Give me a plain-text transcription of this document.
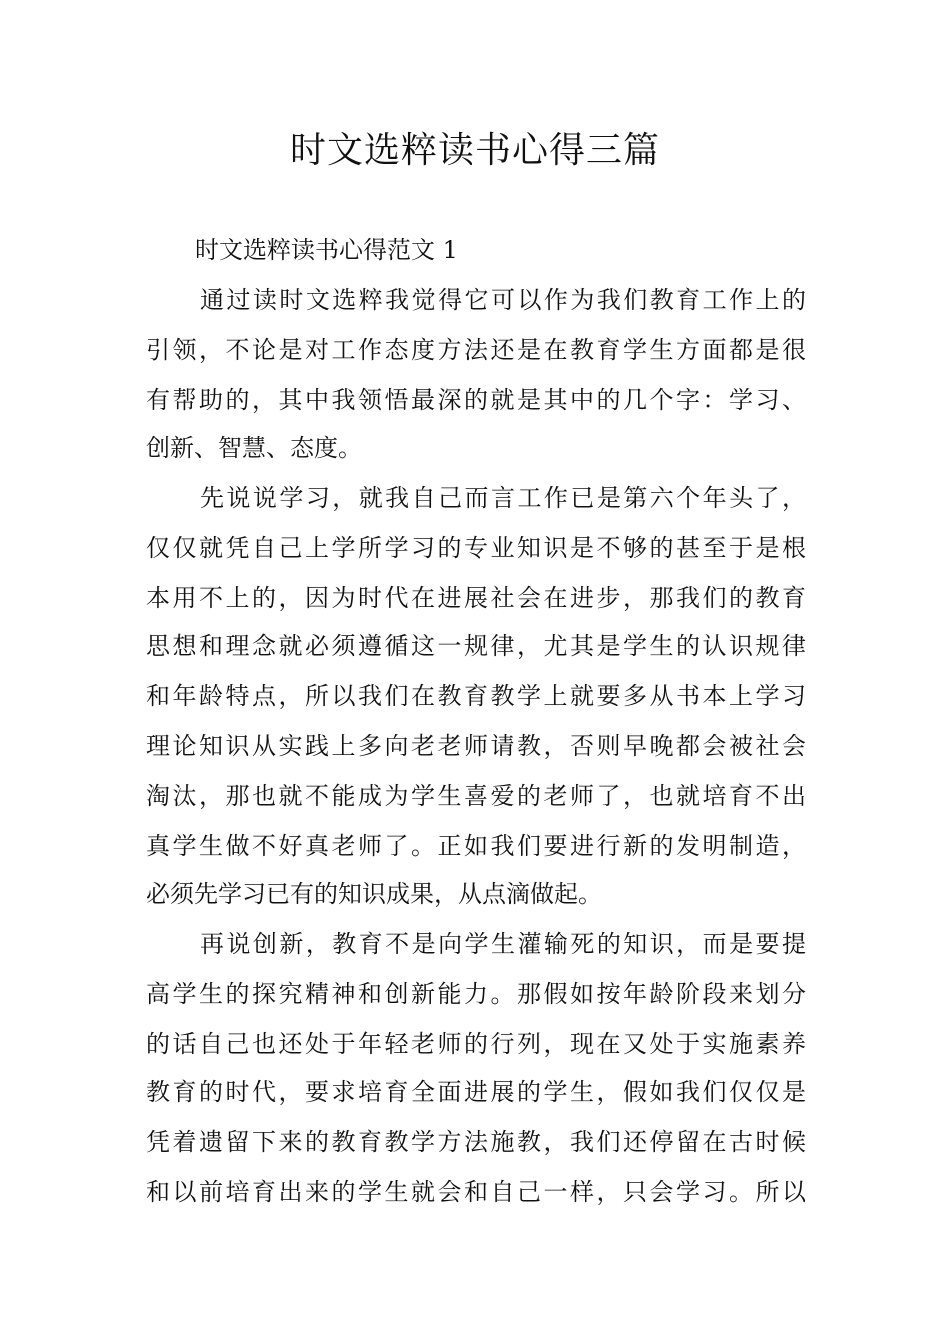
时文选粹读书心得三篇
时文选粹读书心得范文 1
通过读时文选粹我觉得它可以作为我们教育工作上的
引领，不论是对工作态度方法还是在教育学生方面都是很
有帮助的，其中我领悟最深的就是其中的几个字：学习、
创新、智慧、态度。
先说说学习，就我自己而言工作已是第六个年头了，
仅仅就凭自己上学所学习的专业知识是不够的甚至于是根
本用不上的，因为时代在进展社会在进步，那我们的教育
思想和理念就必须遵循这一规律，尤其是学生的认识规律
和年龄特点，所以我们在教育教学上就要多从书本上学习
理论知识从实践上多向老老师请教，否则早晚都会被社会
淘汰，那也就不能成为学生喜爱的老师了，也就培育不出
真学生做不好真老师了。正如我们要进行新的发明制造，
必须先学习已有的知识成果，从点滴做起。
再说创新，教育不是向学生灌输死的知识，而是要提
高学生的探究精神和创新能力。那假如按年龄阶段来划分
的话自己也还处于年轻老师的行列，现在又处于实施素养
教育的时代，要求培育全面进展的学生，假如我们仅仅是
凭着遗留下来的教育教学方法施教，我们还停留在古时候
和以前培育出来的学生就会和自己一样，只会学习。所以
